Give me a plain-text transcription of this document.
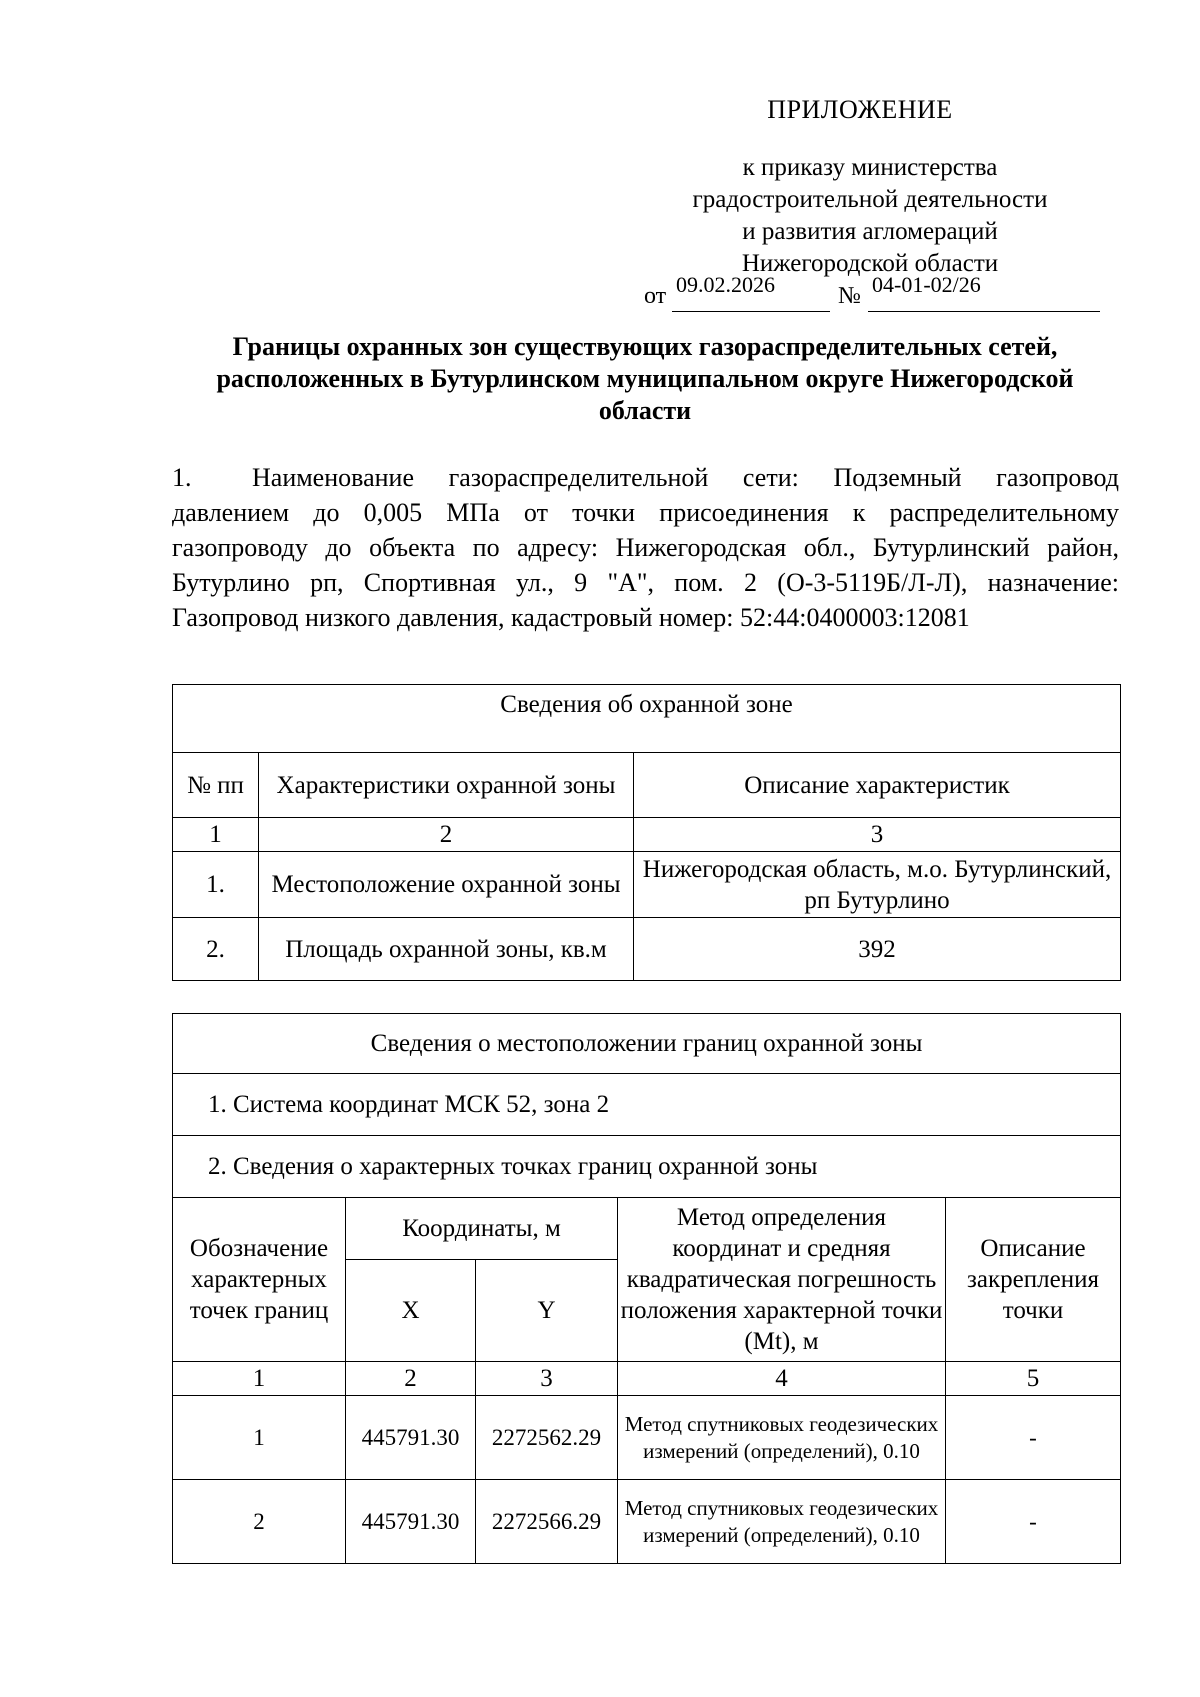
ПРИЛОЖЕНИЕ
к приказу министерства
градостроительной деятельности
и развития агломераций
Нижегородской области
от 09.02.2026	№ 04-01-02/26
Границы охранных зон существующих газораспределительных сетей, расположенных в Бутурлинском муниципальном округе Нижегородской области
1. Наименование газораспределительной сети: Подземный газопровод давлением до 0,005 МПа от точки присоединения к распределительному газопроводу до объекта по адресу: Нижегородская обл., Бутурлинский район, Бутурлино рп, Спортивная ул., 9 "А", пом. 2 (О-3-5119Б/Л-Л), назначение: Газопровод низкого давления, кадастровый номер: 52:44:0400003:12081
Сведения об охранной зоне		
№ пп	Характеристики охранной зоны	Описание характеристик
1	2	3
1.	Местоположение охранной зоны	Нижегородская область, м.о. Бутурлинский, рп Бутурлино
2.	Площадь охранной зоны, кв.м	392
Сведения о местоположении границ охранной зоны				
1. Система координат МСК 52, зона 2				
2. Сведения о характерных точках границ охранной зоны				
Обозначение характерных точек границ	Координаты, м		Метод определения координат и средняя квадратическая погрешность положения характерной точки (Mt), м	Описание закрепления точки
	X	Y		
1	2	3	4	5
1	445791.30	2272562.29	Метод спутниковых геодезических измерений (определений), 0.10	-
2	445791.30	2272566.29	Метод спутниковых геодезических измерений (определений), 0.10	-
